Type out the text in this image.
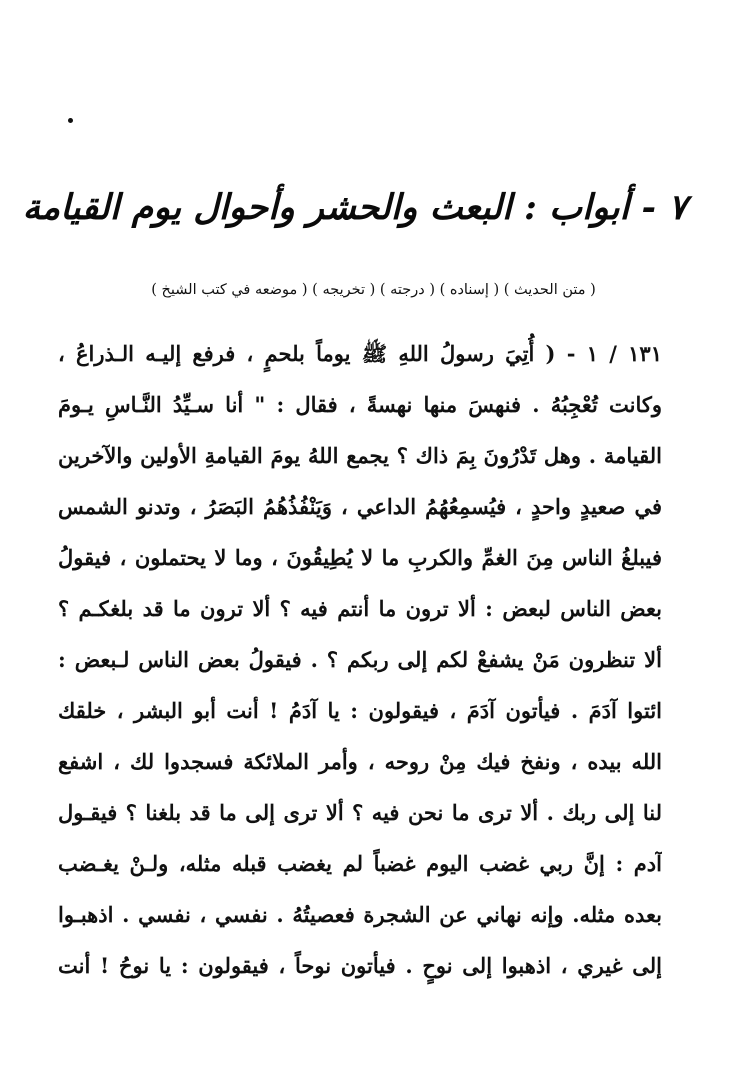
٧ - أبواب : البعث والحشر وأحوال يوم القيامة
( متن الحديث ) ( إسناده ) ( درجته ) ( تخريجه ) ( موضعه في كتب الشيخ )
١٣١ / ١ - ( أُتِيَ رسولُ اللهِ ﷺ يوماً بلحمٍ ، فرفع إليـه الـذراعُ ،
وكانت تُعْجِبُهُ . فنهسَ منها نهسةً ، فقال : " أنا سـيِّدُ النَّـاسِ يـومَ
القيامة . وهل تَدْرُونَ بِمَ ذاك ؟ يجمع اللهُ يومَ القيامةِ الأولين والآخرين
في صعيدٍ واحدٍ ، فيُسمِعُهُمُ الداعي ، وَيَنْفُذُهُمُ البَصَرُ ، وتدنو الشمس
فيبلغُ الناس مِنَ الغمِّ والكربِ ما لا يُطِيقُونَ ، وما لا يحتملون ، فيقولُ
بعض الناس لبعض : ألا ترون ما أنتم فيه ؟ ألا ترون ما قد بلغكـم ؟
ألا تنظرون مَنْ يشفعْ لكم إلى ربكم ؟ . فيقولُ بعض الناس لـبعض :
ائتوا آدَمَ . فيأتون آدَمَ ، فيقولون : يا آدَمُ ! أنت أبو البشر ، خلقك
الله بيده ، ونفخ فيك مِنْ روحه ، وأمر الملائكة فسجدوا لك ، اشفع
لنا إلى ربك . ألا ترى ما نحن فيه ؟ ألا ترى إلى ما قد بلغنا ؟ فيقـول
آدم : إنَّ ربي غضب اليوم غضباً لم يغضب قبله مثله، ولـنْ يغـضب
بعده مثله. وإنه نهاني عن الشجرة فعصيتُهُ . نفسي ، نفسي . اذهبـوا
إلى غيري ، اذهبوا إلى نوحٍ . فيأتون نوحاً ، فيقولون : يا نوحُ ! أنت
